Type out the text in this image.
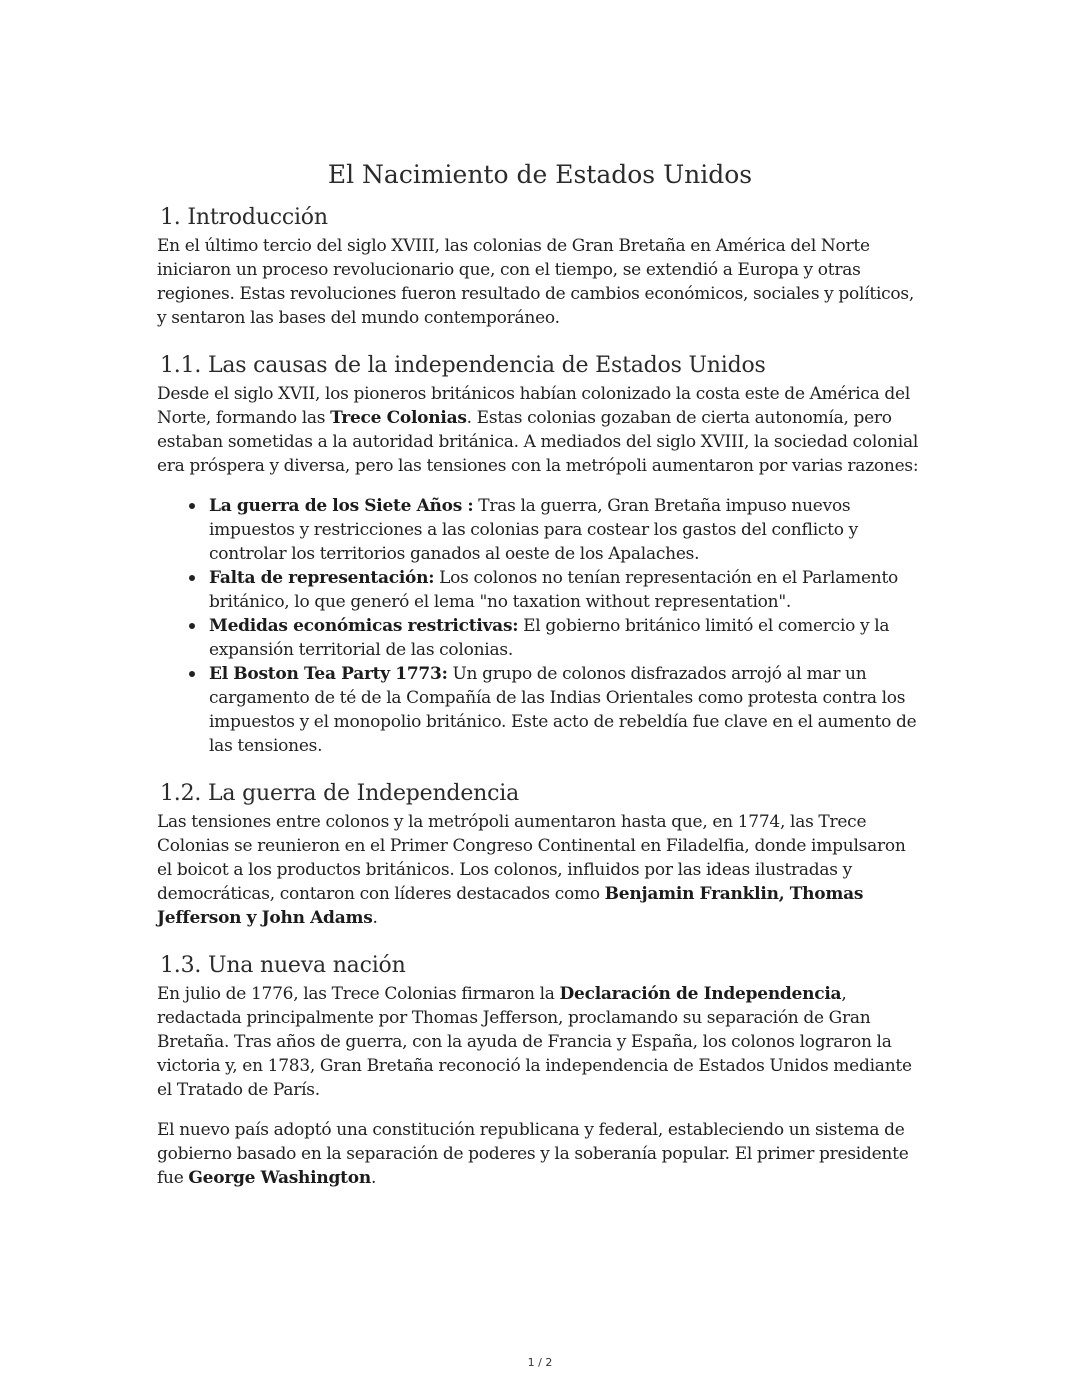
El Nacimiento de Estados Unidos
1. Introducción

En el último tercio del siglo XVIII, las colonias de Gran Bretaña en América del Norte iniciaron un proceso revolucionario que, con el tiempo, se extendió a Europa y otras regiones. Estas revoluciones fueron resultado de cambios económicos, sociales y políticos, y sentaron las bases del mundo contemporáneo.

1.1. Las causas de la independencia de Estados Unidos

Desde el siglo XVII, los pioneros británicos habían colonizado la costa este de América del Norte, formando las Trece Colonias. Estas colonias gozaban de cierta autonomía, pero estaban sometidas a la autoridad británica. A mediados del siglo XVIII, la sociedad colonial era próspera y diversa, pero las tensiones con la metrópoli aumentaron por varias razones:

La guerra de los Siete Años : Tras la guerra, Gran Bretaña impuso nuevos impuestos y restricciones a las colonias para costear los gastos del conflicto y controlar los territorios ganados al oeste de los Apalaches.
Falta de representación: Los colonos no tenían representación en el Parlamento británico, lo que generó el lema "no taxation without representation".
Medidas económicas restrictivas: El gobierno británico limitó el comercio y la expansión territorial de las colonias.
El Boston Tea Party 1773: Un grupo de colonos disfrazados arrojó al mar un cargamento de té de la Compañía de las Indias Orientales como protesta contra los impuestos y el monopolio británico. Este acto de rebeldía fue clave en el aumento de las tensiones.
1.2. La guerra de Independencia

Las tensiones entre colonos y la metrópoli aumentaron hasta que, en 1774, las Trece Colonias se reunieron en el Primer Congreso Continental en Filadelfia, donde impulsaron el boicot a los productos británicos. Los colonos, influidos por las ideas ilustradas y democráticas, contaron con líderes destacados como Benjamin Franklin, Thomas Jefferson y John Adams.

1.3. Una nueva nación

En julio de 1776, las Trece Colonias firmaron la Declaración de Independencia, redactada principalmente por Thomas Jefferson, proclamando su separación de Gran Bretaña. Tras años de guerra, con la ayuda de Francia y España, los colonos lograron la victoria y, en 1783, Gran Bretaña reconoció la independencia de Estados Unidos mediante el Tratado de París.

El nuevo país adoptó una constitución republicana y federal, estableciendo un sistema de gobierno basado en la separación de poderes y la soberanía popular. El primer presidente fue George Washington.

1 / 2
